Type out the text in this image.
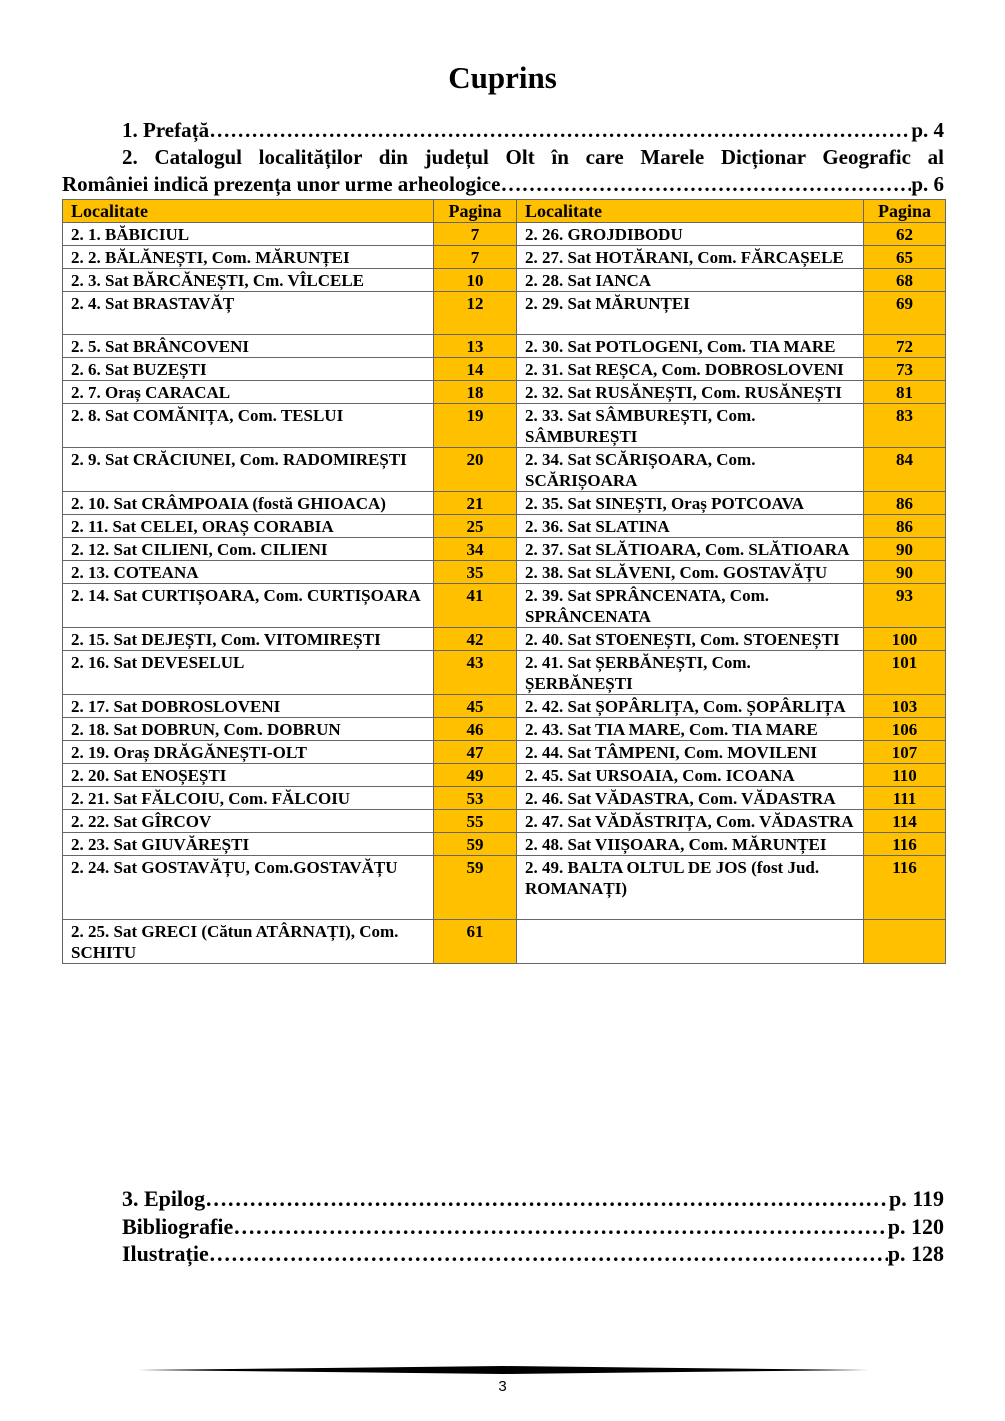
Cuprins
1. Prefață ……………………………………………………………………………………………………………………………	p. 4
2. Catalogul localităților din județul Olt în care Marele Dicționar Geografic al
României indică prezența unor urme arheologice ……………………………………………………………………………………………………………………………	p. 6
Localitate	Pagina	Localitate	Pagina
2. 1. BĂBICIUL	7	2. 26. GROJDIBODU	62
2. 2. BĂLĂNEȘTI, Com. MĂRUNȚEI	7	2. 27. Sat HOTĂRANI, Com. FĂRCAȘELE	65
2. 3. Sat BĂRCĂNEȘTI, Cm. VÎLCELE	10	2. 28. Sat IANCA	68
2. 4. Sat BRASTAVĂȚ	12	2. 29. Sat MĂRUNȚEI	69
2. 5. Sat BRÂNCOVENI	13	2. 30. Sat POTLOGENI, Com. TIA MARE	72
2. 6. Sat BUZEȘTI	14	2. 31. Sat REȘCA, Com. DOBROSLOVENI	73
2. 7. Oraș CARACAL	18	2. 32. Sat RUSĂNEȘTI, Com. RUSĂNEȘTI	81
2. 8. Sat COMĂNIȚA, Com. TESLUI	19	2. 33. Sat SÂMBUREȘTI, Com. SÂMBUREȘTI	83
2. 9. Sat CRĂCIUNEI, Com. RADOMIREȘTI	20	2. 34. Sat SCĂRIȘOARA, Com. SCĂRIȘOARA	84
2. 10. Sat CRÂMPOAIA (fostă GHIOACA)	21	2. 35. Sat SINEȘTI, Oraș POTCOAVA	86
2. 11. Sat CELEI, ORAȘ CORABIA	25	2. 36. Sat SLATINA	86
2. 12. Sat CILIENI, Com. CILIENI	34	2. 37. Sat SLĂTIOARA, Com. SLĂTIOARA	90
2. 13. COTEANA	35	2. 38. Sat SLĂVENI, Com. GOSTAVĂȚU	90
2. 14. Sat CURTIȘOARA, Com. CURTIȘOARA	41	2. 39. Sat SPRÂNCENATA, Com. SPRÂNCENATA	93
2. 15. Sat DEJEȘTI, Com. VITOMIREȘTI	42	2. 40. Sat STOENEȘTI, Com. STOENEȘTI	100
2. 16. Sat DEVESELUL	43	2. 41. Sat ȘERBĂNEȘTI, Com. ȘERBĂNEȘTI	101
2. 17. Sat DOBROSLOVENI	45	2. 42. Sat ȘOPÂRLIȚA, Com. ȘOPÂRLIȚA	103
2. 18. Sat DOBRUN, Com. DOBRUN	46	2. 43. Sat TIA MARE, Com. TIA MARE	106
2. 19. Oraș DRĂGĂNEȘTI-OLT	47	2. 44. Sat TÂMPENI, Com. MOVILENI	107
2. 20. Sat ENOȘEȘTI	49	2. 45. Sat URSOAIA, Com. ICOANA	110
2. 21. Sat FĂLCOIU, Com. FĂLCOIU	53	2. 46. Sat VĂDASTRA, Com. VĂDASTRA	111
2. 22. Sat GÎRCOV	55	2. 47. Sat VĂDĂSTRIȚA, Com. VĂDASTRA	114
2. 23. Sat GIUVĂREȘTI	59	2. 48. Sat VIIȘOARA, Com. MĂRUNȚEI	116
2. 24. Sat GOSTAVĂȚU, Com.GOSTAVĂȚU	59	2. 49. BALTA OLTUL DE JOS (fost Jud. ROMANAȚI)	116
2. 25. Sat GRECI (Cătun ATÂRNAȚI), Com. SCHITU	61		
3. Epilog ……………………………………………………………………………………………………………………………	p. 119
Bibliografie ……………………………………………………………………………………………………………………………	p. 120
Ilustrație ……………………………………………………………………………………………………………………………	p. 128
3
